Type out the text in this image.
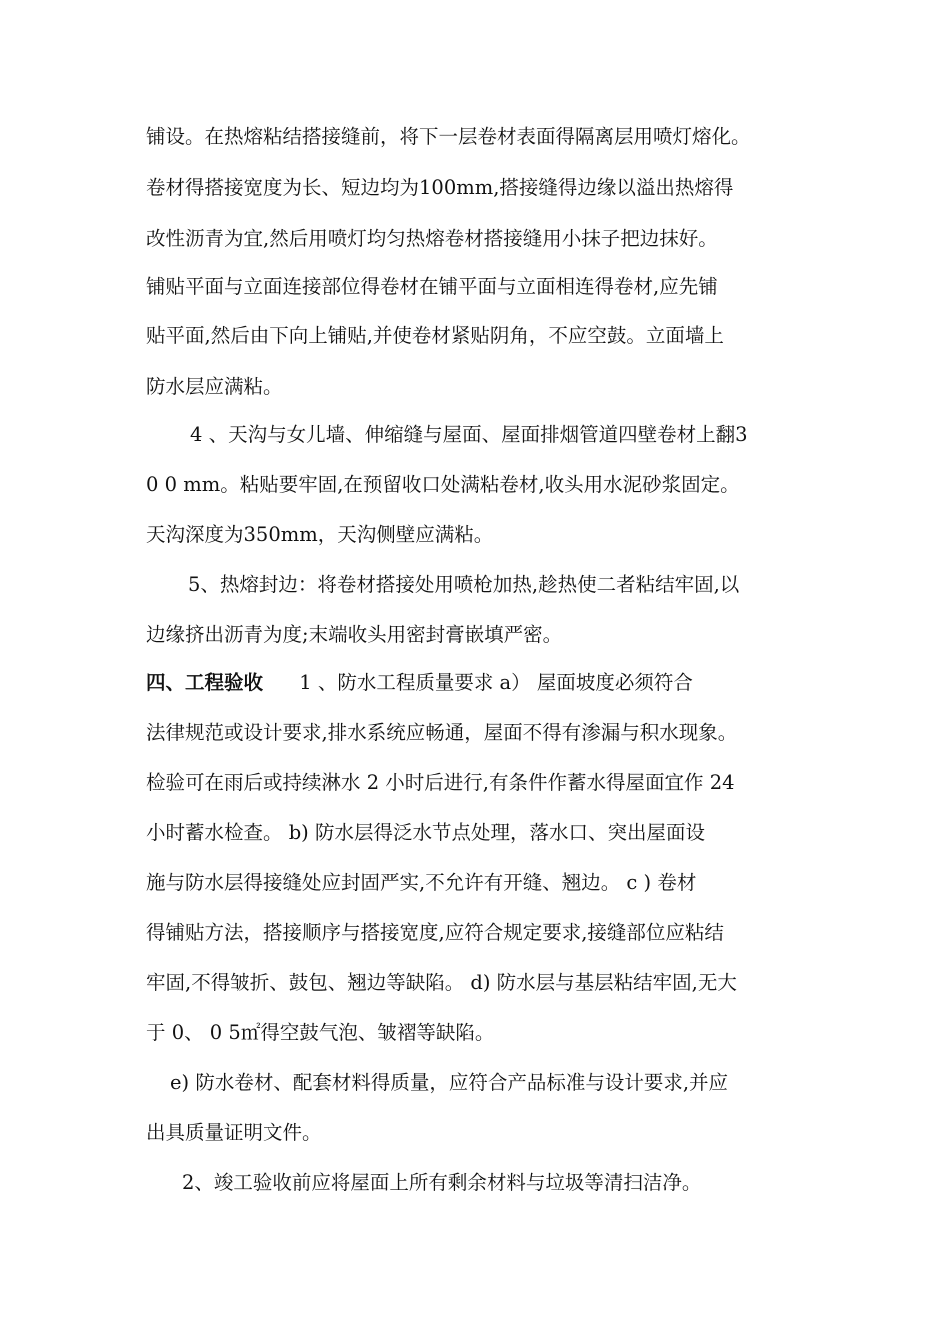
铺设。在热熔粘结搭接缝前，将下一层卷材表面得隔离层用喷灯熔化。
卷材得搭接宽度为长、短边均为100mm,搭接缝得边缘以溢出热熔得
改性沥青为宜,然后用喷灯均匀热熔卷材搭接缝用小抹子把边抹好。
铺贴平面与立面连接部位得卷材在铺平面与立面相连得卷材,应先铺
贴平面,然后由下向上铺贴,并使卷材紧贴阴角，不应空鼓。立面墙上
防水层应满粘。
4 、天沟与女儿墙、伸缩缝与屋面、屋面排烟管道四壁卷材上翻3
0 0 mm。粘贴要牢固,在预留收口处满粘卷材,收头用水泥砂浆固定。
天沟深度为350mm，天沟侧壁应满粘。
5、热熔封边：将卷材搭接处用喷枪加热,趁热使二者粘结牢固,以
边缘挤出沥青为度;末端收头用密封膏嵌填严密。
四、工程验收 1 、防水工程质量要求 a） 屋面坡度必须符合
法律规范或设计要求,排水系统应畅通，屋面不得有渗漏与积水现象。
检验可在雨后或持续淋水 2 小时后进行,有条件作蓄水得屋面宜作 24
小时蓄水检查。 b) 防水层得泛水节点处理，落水口、突出屋面设
施与防水层得接缝处应封固严实,不允许有开缝、翘边。 c ) 卷材
得铺贴方法，搭接顺序与搭接宽度,应符合规定要求,接缝部位应粘结
牢固,不得皱折、鼓包、翘边等缺陷。 d) 防水层与基层粘结牢固,无大
于 0、 0 5㎡得空鼓气泡、皱褶等缺陷。
e) 防水卷材、配套材料得质量，应符合产品标准与设计要求,并应
出具质量证明文件。
2、竣工验收前应将屋面上所有剩余材料与垃圾等清扫洁净。
